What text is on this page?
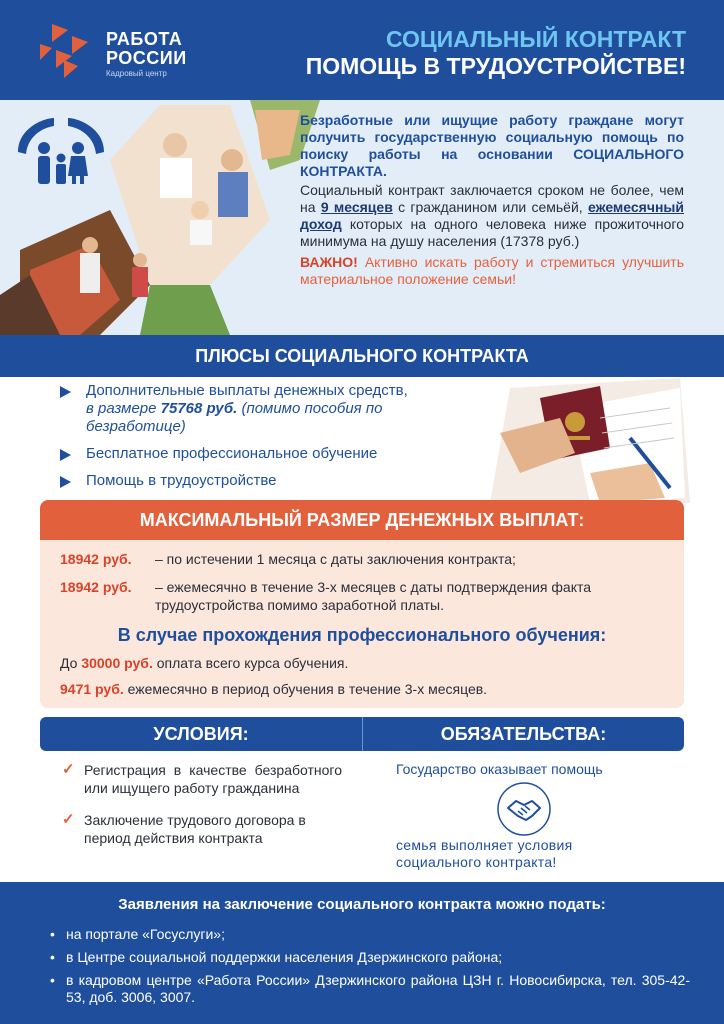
РАБОТА РОССИИ
Кадровый центр
СОЦИАЛЬНЫЙ КОНТРАКТ
ПОМОЩЬ В ТРУДОУСТРОЙСТВЕ!
Безработные или ищущие работу граждане могут получить государственную социальную помощь по поиску работы на основании СОЦИАЛЬНОГО КОНТРАКТА.
Социальный контракт заключается сроком не более, чем на 9 месяцев с гражданином или семьёй, ежемесячный доход которых на одного человека ниже прожиточного минимума на душу населения (17378 руб.)
ВАЖНО! Активно искать работу и стремиться улучшить материальное положение семьи!
ПЛЮСЫ СОЦИАЛЬНОГО КОНТРАКТА
Дополнительные выплаты денежных средств,
в размере 75768 руб. (помимо пособия по безработице)
Бесплатное профессиональное обучение
Помощь в трудоустройстве
МАКСИМАЛЬНЫЙ РАЗМЕР ДЕНЕЖНЫХ ВЫПЛАТ:
18942 руб. – по истечении 1 месяца с даты заключения контракта;
18942 руб. – ежемесячно в течение 3-х месяцев с даты подтверждения факта трудоустройства помимо заработной платы.
В случае прохождения профессионального обучения:
До 30000 руб. оплата всего курса обучения.
9471 руб. ежемесячно в период обучения в течение 3-х месяцев.
УСЛОВИЯ:	ОБЯЗАТЕЛЬСТВА:
✓ Регистрация в качестве безработного или ищущего работу гражданина
✓ Заключение трудового договора в период действия контракта
Государство оказывает помощь
семья выполняет условия социального контракта!
Заявления на заключение социального контракта можно подать:
• на портале «Госуслуги»;
• в Центре социальной поддержки населения Дзержинского района;
• в кадровом центре «Работа России» Дзержинского района ЦЗН г. Новосибирска, тел. 305-42-53, доб. 3006, 3007.
